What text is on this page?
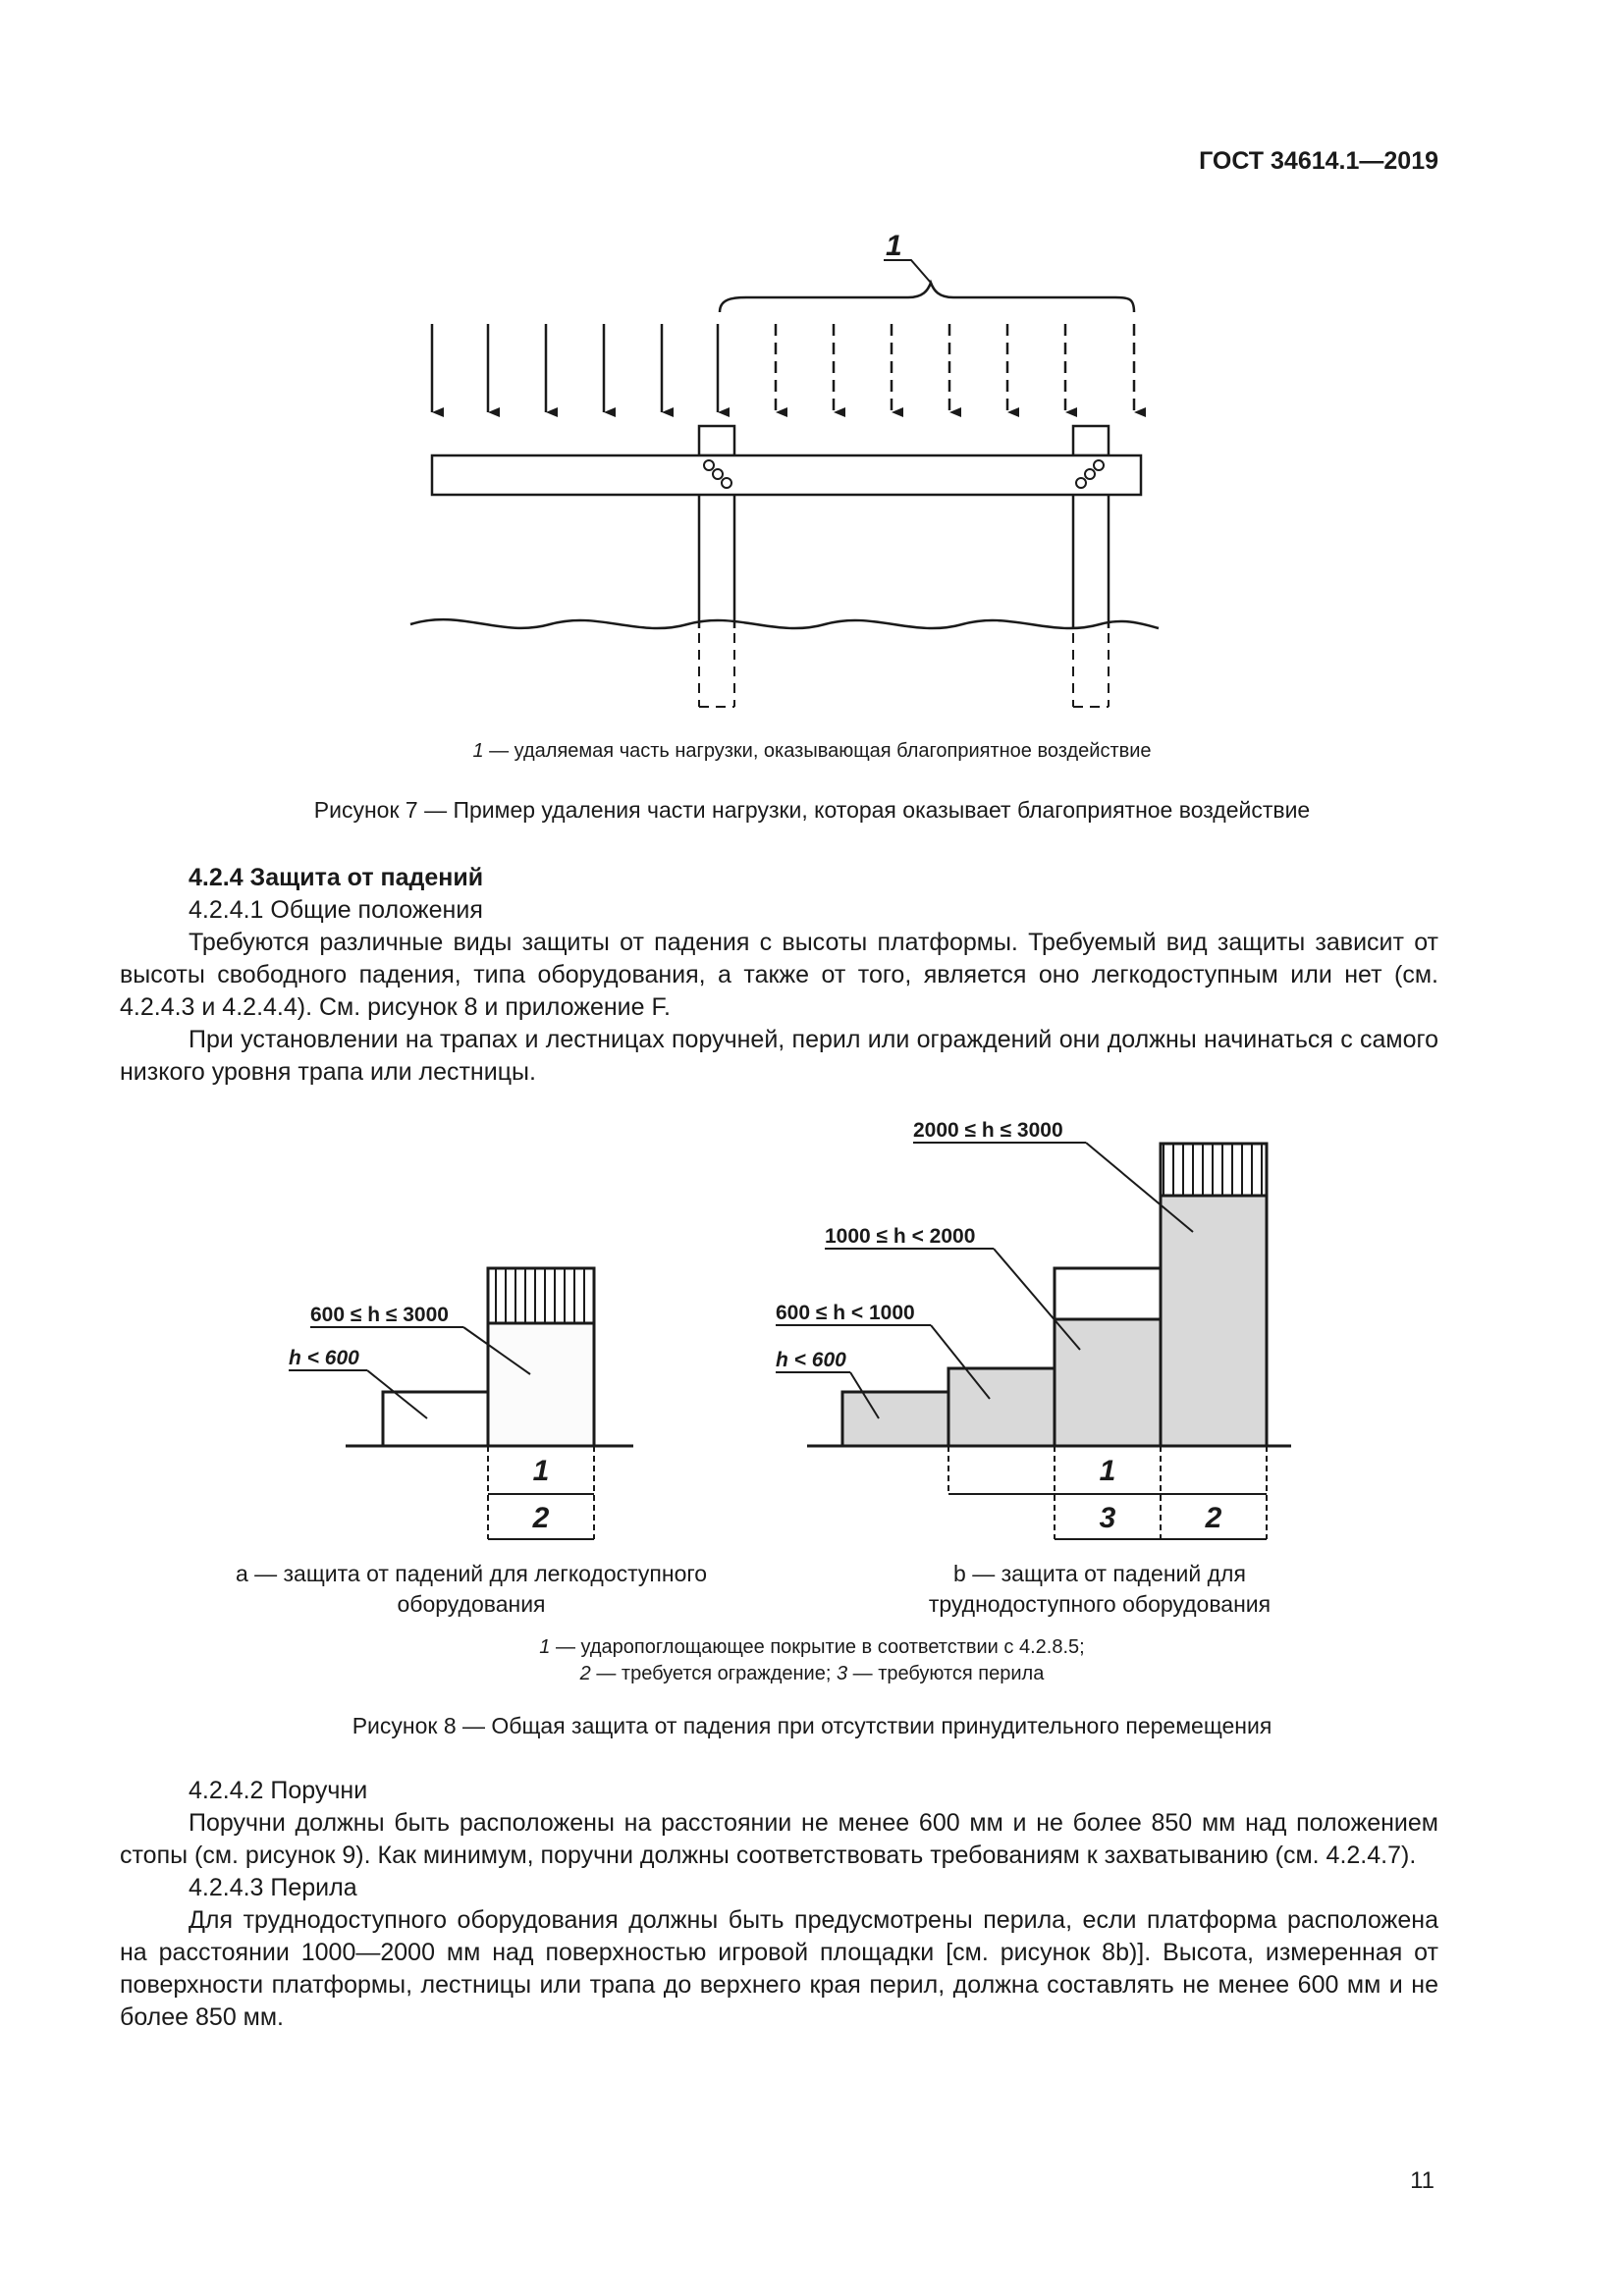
ГОСТ 34614.1—2019
1
1 — удаляемая часть нагрузки, оказывающая благоприятное воздействие
Рисунок 7 — Пример удаления части нагрузки, которая оказывает благоприятное воздействие

4.2.4 Защита от падений

4.2.4.1 Общие положения

Требуются различные виды защиты от падения с высоты платформы. Требуемый вид защиты зависит от высоты свободного падения, типа оборудования, а также от того, является оно легкодоступным или нет (см. 4.2.4.3 и 4.2.4.4). См. рисунок 8 и приложение F.

При установлении на трапах и лестницах поручней, перил или ограждений они должны начинаться с самого низкого уровня трапа или лестницы.

1
2
600 ≤ h ≤ 3000
h < 600
1
3	2
2000 ≤ h ≤ 3000
1000 ≤ h < 2000
600 ≤ h < 1000
h < 600
a — защита от падений для легкодоступного
оборудования
b — защита от падений для
труднодоступного оборудования
1 — ударопоглощающее покрытие в соответствии с 4.2.8.5;
2 — требуется ограждение; 3 — требуются перила
Рисунок 8 — Общая защита от падения при отсутствии принудительного перемещения

4.2.4.2 Поручни

Поручни должны быть расположены на расстоянии не менее 600 мм и не более 850 мм над положением стопы (см. рисунок 9). Как минимум, поручни должны соответствовать требованиям к захватыванию (см. 4.2.4.7).

4.2.4.3 Перила

Для труднодоступного оборудования должны быть предусмотрены перила, если платформа расположена на расстоянии 1000—2000 мм над поверхностью игровой площадки [см. рисунок 8b)]. Высота, измеренная от поверхности платформы, лестницы или трапа до верхнего края перил, должна составлять не менее 600 мм и не более 850 мм.

11
